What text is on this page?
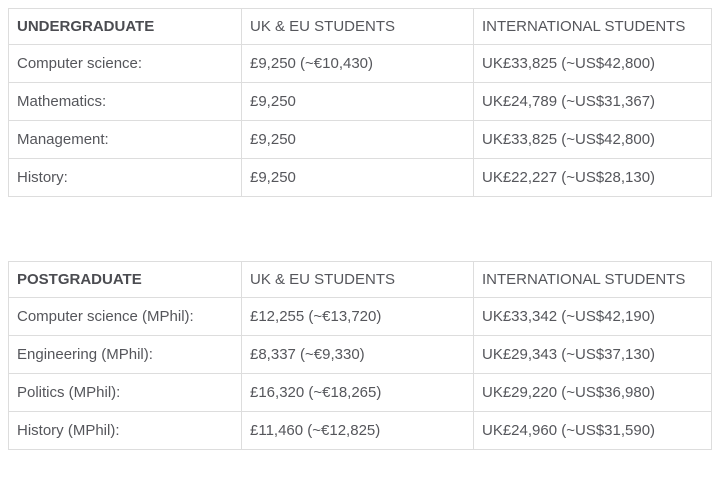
UNDERGRADUATE	UK & EU STUDENTS	INTERNATIONAL STUDENTS
Computer science:	£9,250 (~€10,430)	UK£33,825 (~US$42,800)
Mathematics:	£9,250	UK£24,789 (~US$31,367)
Management:	£9,250	UK£33,825 (~US$42,800)
History:	£9,250	UK£22,227 (~US$28,130)
POSTGRADUATE	UK & EU STUDENTS	INTERNATIONAL STUDENTS
Computer science (MPhil):	£12,255 (~€13,720)	UK£33,342 (~US$42,190)
Engineering (MPhil):	£8,337 (~€9,330)	UK£29,343 (~US$37,130)
Politics (MPhil):	£16,320 (~€18,265)	UK£29,220 (~US$36,980)
History (MPhil):	£11,460 (~€12,825)	UK£24,960 (~US$31,590)
